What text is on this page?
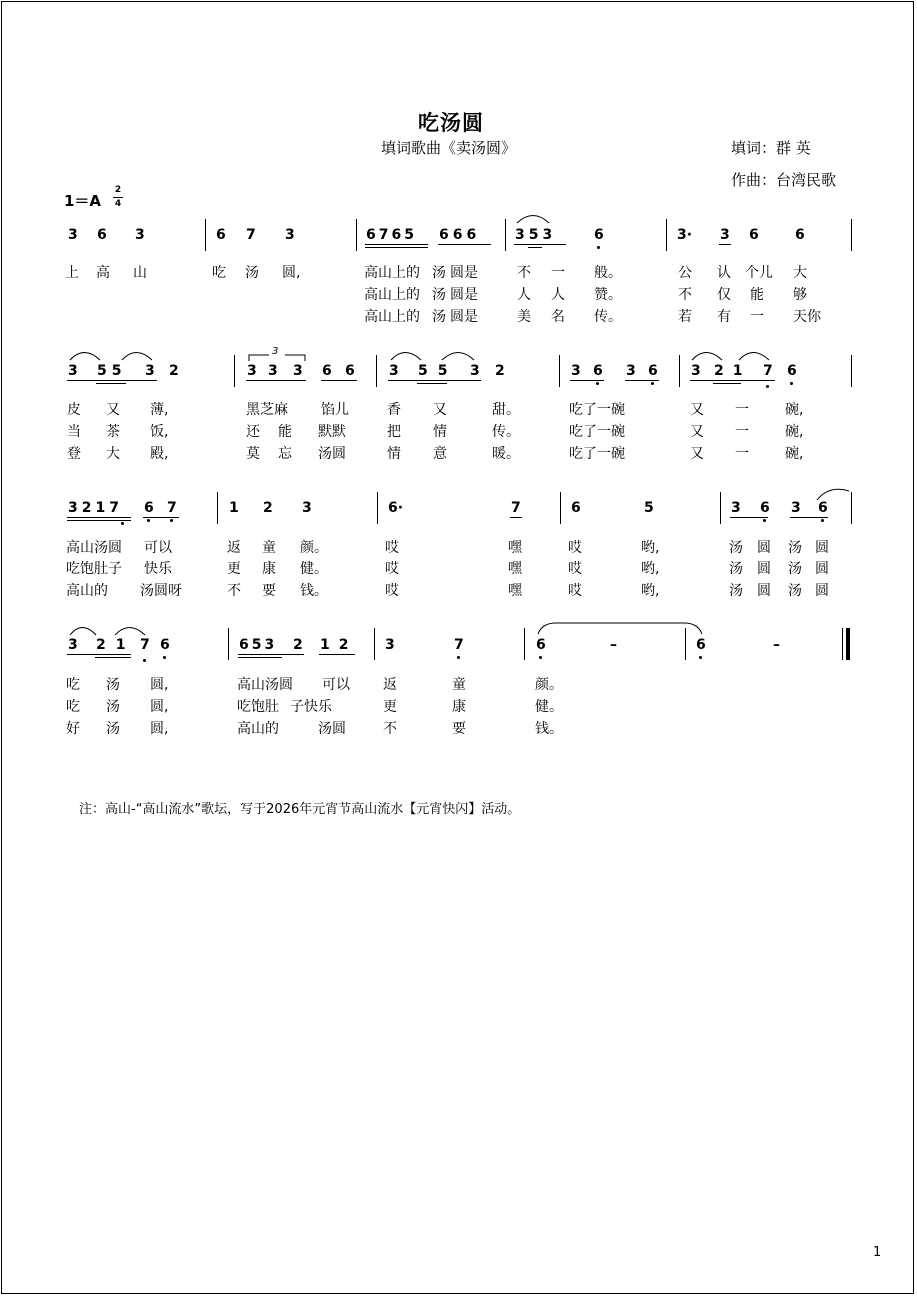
吃汤圆
填词歌曲《卖汤圆》	填词：群 英
作曲：台湾民歌
1＝A
2
4
3 6 3	6 7 3	6765 666 353	6	3· 3 6	6
上 高 山	吃 汤 圆,	高山上的 汤 圆是	不 一 般。	公 认 个儿 大
高山上的 汤 圆是	人 人 赞。	不 仅 能 够
高山上的 汤 圆是	美 名 传。	若 有 一 天你
3 55 3 2	3 3 3 6 6 3 55 3 2	3 6 3 6 3 21 7 6
3
皮 又 薄,	黑芝麻 馅儿	香 又	甜。	吃了一碗	又 一	碗,
当 茶 饭,	还 能 默默	把 情	传。	吃了一碗	又 一	碗,
登 大 殿,	莫 忘 汤圆	情 意	暖。	吃了一碗	又 一	碗,
3217 6 7	1 2 3	6·	7	6	5	3 6 3 6
高山汤圆 可以	返 童 颜。	哎	嘿	哎	哟,	汤 圆 汤 圆
吃饱肚子 快乐	更 康 健。	哎	嘿	哎	哟,	汤 圆 汤 圆
高山的 汤圆呀	不 要 钱。	哎	嘿	哎	哟,	汤 圆 汤 圆
3 21 7 6	653 2 12 3	7	6	–	6	–
吃 汤 圆,	高山汤圆 可以 返	童	颜。
吃 汤 圆,	吃饱肚 子快乐	更	康	健。
好 汤 圆,	高山的	汤圆	不	要	钱。
注：高山-“高山流水”歌坛，写于2026年元宵节高山流水【元宵快闪】活动。
1
